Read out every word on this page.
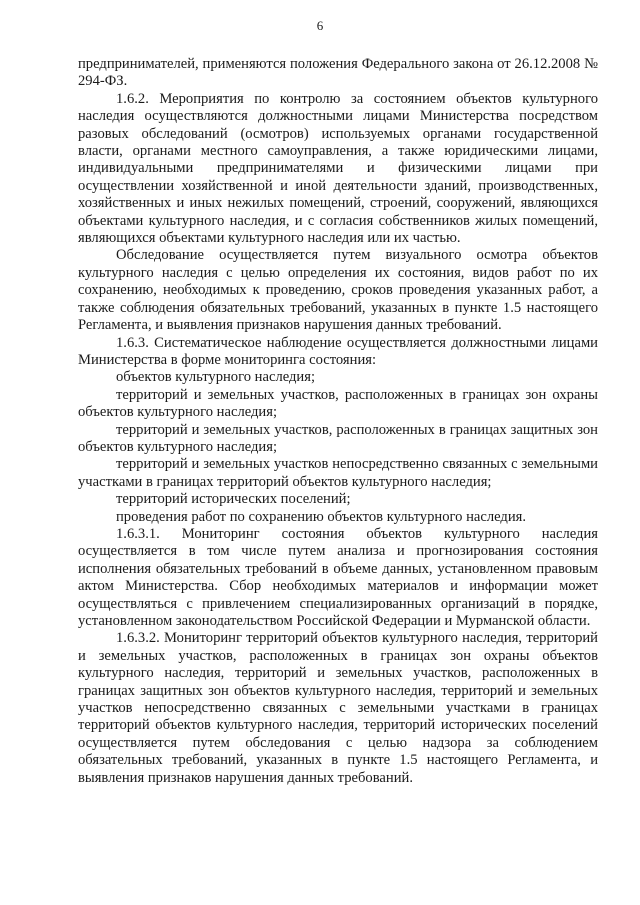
6

предпринимателей, применяются положения Федерального закона от 26.12.2008 № 294-ФЗ.

1.6.2. Мероприятия по контролю за состоянием объектов культурного наследия осуществляются должностными лицами Министерства посредством разовых обследований (осмотров) используемых органами государственной власти, органами местного самоуправления, а также юридическими лицами, индивидуальными предпринимателями и физическими лицами при осуществлении хозяйственной и иной деятельности зданий, производственных, хозяйственных и иных нежилых помещений, строений, сооружений, являющихся объектами культурного наследия, и с согласия собственников жилых помещений, являющихся объектами культурного наследия или их частью.

Обследование осуществляется путем визуального осмотра объектов культурного наследия с целью определения их состояния, видов работ по их сохранению, необходимых к проведению, сроков проведения указанных работ, а также соблюдения обязательных требований, указанных в пункте 1.5 настоящего Регламента, и выявления признаков нарушения данных требований.

1.6.3. Систематическое наблюдение осуществляется должностными лицами Министерства в форме мониторинга состояния:

объектов культурного наследия;

территорий и земельных участков, расположенных в границах зон охраны объектов культурного наследия;

территорий и земельных участков, расположенных в границах защитных зон объектов культурного наследия;

территорий и земельных участков непосредственно связанных с земельными участками в границах территорий объектов культурного наследия;

территорий исторических поселений;

проведения работ по сохранению объектов культурного наследия.

1.6.3.1. Мониторинг состояния объектов культурного наследия осуществляется в том числе путем анализа и прогнозирования состояния исполнения обязательных требований в объеме данных, установленном правовым актом Министерства. Сбор необходимых материалов и информации может осуществляться с привлечением специализированных организаций в порядке, установленном законодательством Российской Федерации и Мурманской области.

1.6.3.2. Мониторинг территорий объектов культурного наследия, территорий и земельных участков, расположенных в границах зон охраны объектов культурного наследия, территорий и земельных участков, расположенных в границах защитных зон объектов культурного наследия, территорий и земельных участков непосредственно связанных с земельными участками в границах территорий объектов культурного наследия, территорий исторических поселений осуществляется путем обследования с целью надзора за соблюдением обязательных требований, указанных в пункте 1.5 настоящего Регламента, и выявления признаков нарушения данных требований.
